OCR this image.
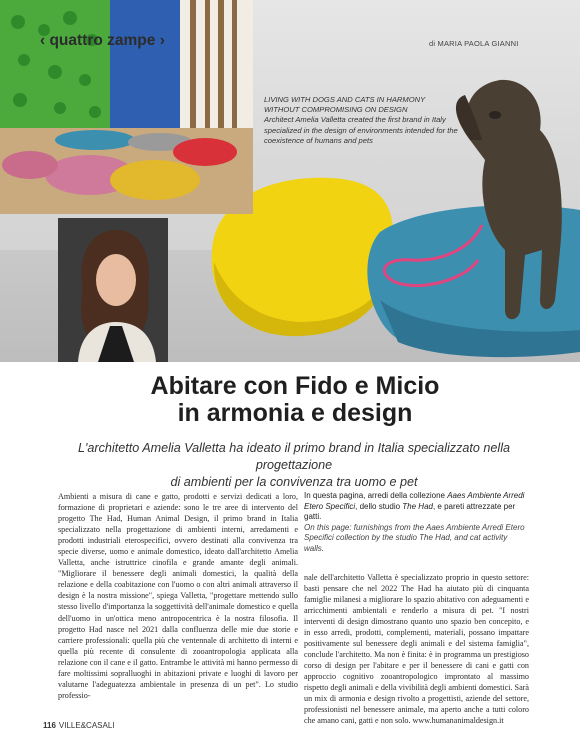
LIVING WITH DOGS AND CATS IN HARMONY
WITHOUT COMPROMISING ON DESIGN
Architect Amelia Valletta created the first brand in Italy specialized in the design of environments intended for the coexistence of humans and pets
‹ quattro zampe ›	di MARIA PAOLA GIANNI
Abitare con Fido e Micio
in armonia e design
L'architetto Amelia Valletta ha ideato il primo brand in Italia specializzato nella progettazione
di ambienti per la convivenza tra uomo e pet
Ambienti a misura di cane e gatto, prodotti e servizi dedicati a loro, formazione di proprietari e aziende: sono le tre aree di intervento del progetto The Had, Human Animal Design, il primo brand in Italia specializzato nella progettazione di ambienti interni, arredamenti e prodotti industriali eterospecifici, ovvero destinati alla convivenza tra specie diverse, uomo e animale domestico, ideato dall'architetto Amelia Valletta, anche istruttrice cinofila e grande amante degli animali. "Migliorare il benessere degli animali domestici, la qualità della relazione e della coabitazione con l'uomo o con altri animali attraverso il design è la nostra missione", spiega Valletta, "progettare mettendo sullo stesso livello d'importanza la soggettività dell'animale domestico e quella dell'uomo in un'ottica meno antropocentrica è la nostra filosofia. Il progetto Had nasce nel 2021 dalla confluenza delle mie due storie e carriere professionali: quella più che ventennale di architetto di interni e quella più recente di consulente di zooantropologia applicata alla relazione con il cane e il gatto. Entrambe le attività mi hanno permesso di fare moltissimi sopralluoghi in abitazioni private e luoghi di lavoro per valutarne l'adeguatezza ambientale in presenza di un pet". Lo studio professio-
In questa pagina, arredi della collezione Aaes Ambiente Arredi Etero Specifici, dello studio The Had, e pareti attrezzate per gatti.
On this page: furnishings from the Aaes Ambiente Arredi Etero Specifici collection by the studio The Had, and cat activity walls.
nale dell'architetto Valletta è specializzato proprio in questo settore: basti pensare che nel 2022 The Had ha aiutato più di cinquanta famiglie milanesi a migliorare lo spazio abitativo con adeguamenti e arricchimenti ambientali e renderlo a misura di pet. "I nostri interventi di design dimostrano quanto uno spazio ben concepito, e in esso arredi, prodotti, complementi, materiali, possano impattare positivamente sul benessere degli animali e del sistema famiglia", conclude l'architetto. Ma non è finita: è in programma un prestigioso corso di design per l'abitare e per il benessere di cani e gatti con approccio cognitivo zooantropologico improntato al massimo rispetto degli animali e della vivibilità degli ambienti domestici. Sarà un mix di armonia e design rivolto a progettisti, aziende del settore, professionisti nel benessere animale, ma aperto anche a tutti coloro che amano cani, gatti e non solo. www.humananimaldesign.it
116 VILLE&CASALI
